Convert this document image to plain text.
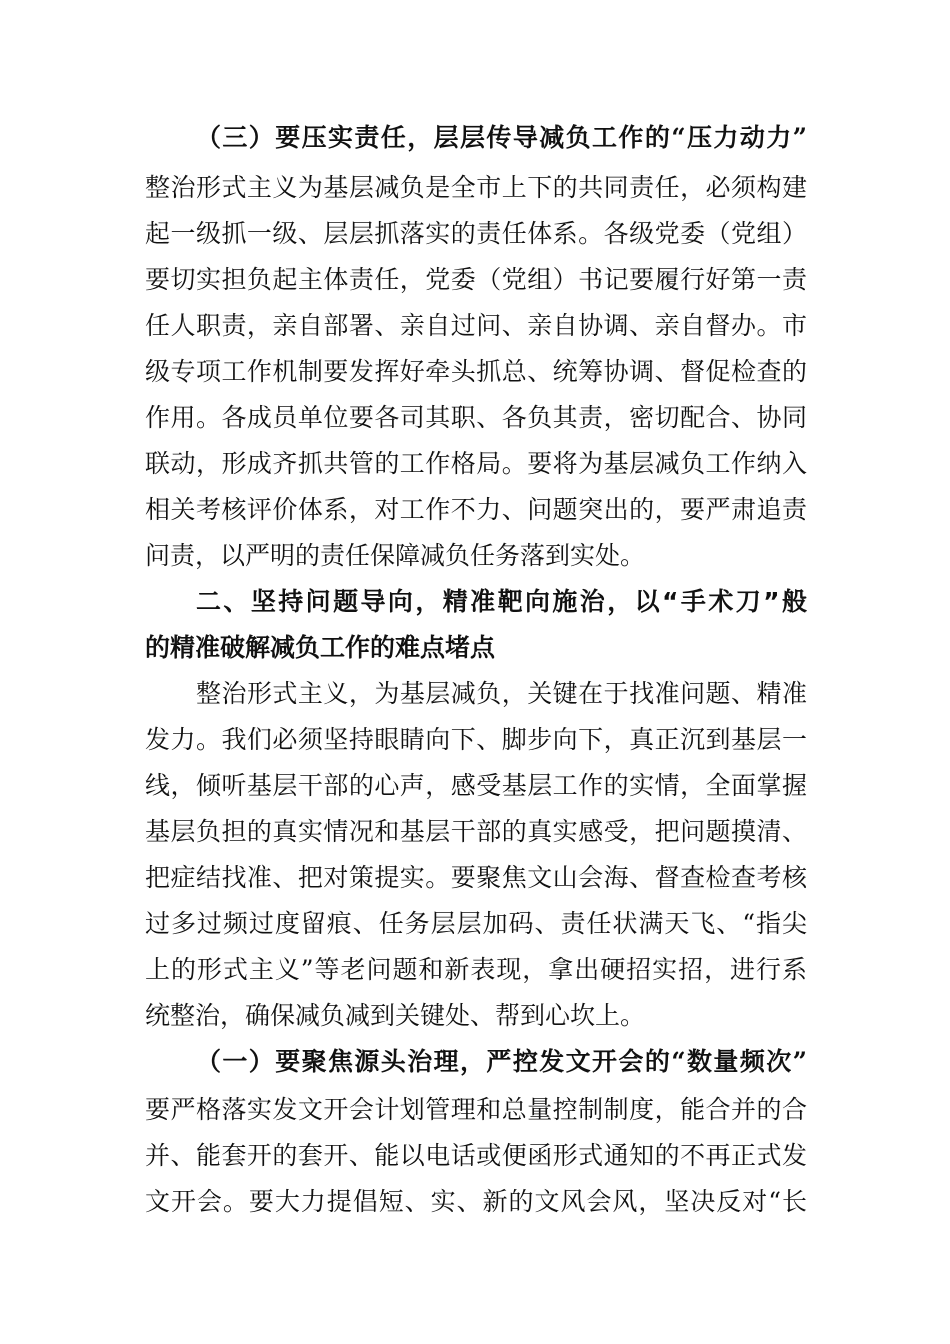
（三）要压实责任，层层传导减负工作的“压力动力”
整治形式主义为基层减负是全市上下的共同责任，必须构建
起一级抓一级、层层抓落实的责任体系。各级党委（党组）
要切实担负起主体责任，党委（党组）书记要履行好第一责
任人职责，亲自部署、亲自过问、亲自协调、亲自督办。市
级专项工作机制要发挥好牵头抓总、统筹协调、督促检查的
作用。各成员单位要各司其职、各负其责，密切配合、协同
联动，形成齐抓共管的工作格局。要将为基层减负工作纳入
相关考核评价体系，对工作不力、问题突出的，要严肃追责
问责，以严明的责任保障减负任务落到实处。
二、坚持问题导向，精准靶向施治，以“手术刀”般
的精准破解减负工作的难点堵点
整治形式主义，为基层减负，关键在于找准问题、精准
发力。我们必须坚持眼睛向下、脚步向下，真正沉到基层一
线，倾听基层干部的心声，感受基层工作的实情，全面掌握
基层负担的真实情况和基层干部的真实感受，把问题摸清、
把症结找准、把对策提实。要聚焦文山会海、督查检查考核
过多过频过度留痕、任务层层加码、责任状满天飞、“指尖
上的形式主义”等老问题和新表现，拿出硬招实招，进行系
统整治，确保减负减到关键处、帮到心坎上。
（一）要聚焦源头治理，严控发文开会的“数量频次”
要严格落实发文开会计划管理和总量控制制度，能合并的合
并、能套开的套开、能以电话或便函形式通知的不再正式发
文开会。要大力提倡短、实、新的文风会风，坚决反对“长
